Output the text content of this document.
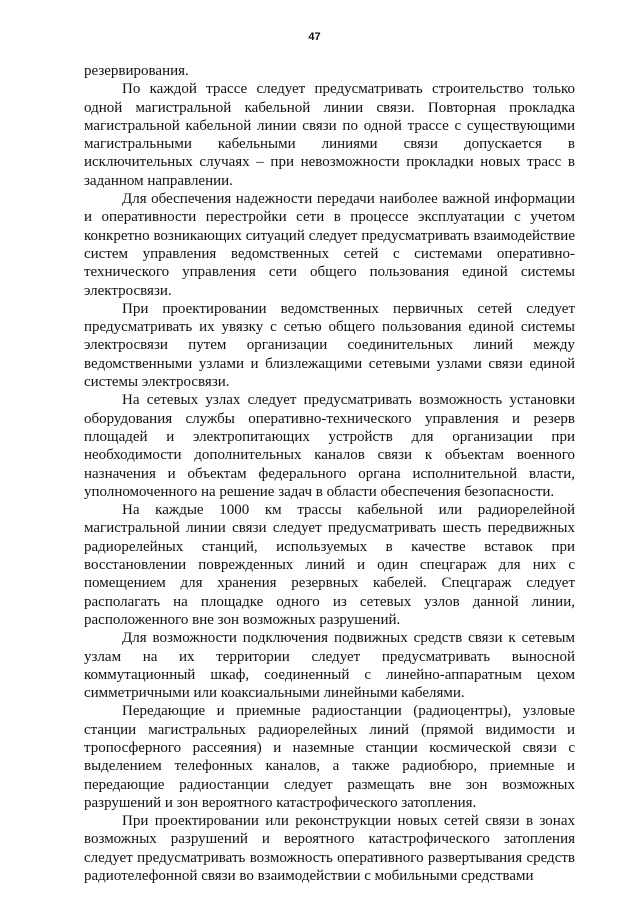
47

резервирования.

По каждой трассе следует предусматривать строительство только одной магистральной кабельной линии связи. Повторная прокладка магистральной кабельной линии связи по одной трассе с существующими магистральными кабельными линиями связи допускается в исключительных случаях – при невозможности прокладки новых трасс в заданном направлении.

Для обеспечения надежности передачи наиболее важной информации и оперативности перестройки сети в процессе эксплуатации с учетом конкретно возникающих ситуаций следует предусматривать взаимодействие систем управления ведомственных сетей с системами оперативно-технического управления сети общего пользования единой системы электросвязи.

При проектировании ведомственных первичных сетей следует предусматривать их увязку с сетью общего пользования единой системы электросвязи путем организации соединительных линий между ведомственными узлами и близлежащими сетевыми узлами связи единой системы электросвязи.

На сетевых узлах следует предусматривать возможность установки оборудования службы оперативно-технического управления и резерв площадей и электропитающих устройств для организации при необходимости дополнительных каналов связи к объектам военного назначения и объектам федерального органа исполнительной власти, уполномоченного на решение задач в области обеспечения безопасности.

На каждые 1000 км трассы кабельной или радиорелейной магистральной линии связи следует предусматривать шесть передвижных радиорелейных станций, используемых в качестве вставок при восстановлении поврежденных линий и один спецгараж для них с помещением для хранения резервных кабелей. Спецгараж следует располагать на площадке одного из сетевых узлов данной линии, расположенного вне зон возможных разрушений.

Для возможности подключения подвижных средств связи к сетевым узлам на их территории следует предусматривать выносной коммутационный шкаф, соединенный с линейно-аппаратным цехом симметричными или коаксиальными линейными кабелями.

Передающие и приемные радиостанции (радиоцентры), узловые станции магистральных радиорелейных линий (прямой видимости и тропосферного рассеяния) и наземные станции космической связи с выделением телефонных каналов, а также радиобюро, приемные и передающие радиостанции следует размещать вне зон возможных разрушений и зон вероятного катастрофического затопления.

При проектировании или реконструкции новых сетей связи в зонах возможных разрушений и вероятного катастрофического затопления следует предусматривать возможность оперативного развертывания средств радиотелефонной связи во взаимодействии с мобильными средствами
